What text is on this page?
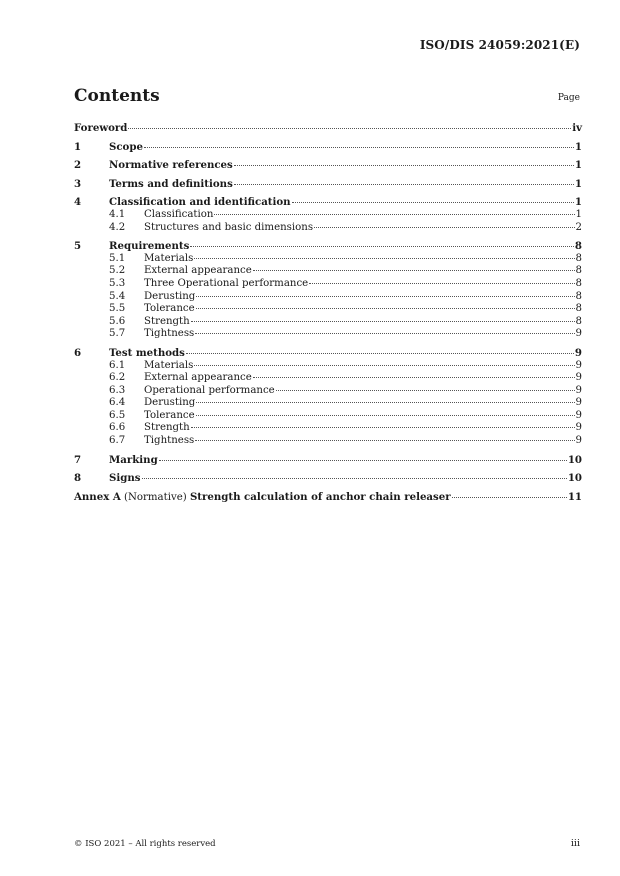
ISO/DIS 24059:2021(E)
Contents	Page
Foreword	iv
1	Scope	1
2	Normative references	1
3	Terms and definitions	1
4	Classification and identification	1
4.1	Classification	1
4.2	Structures and basic dimensions	2
5	Requirements	8
5.1	Materials	8
5.2	External appearance	8
5.3	Three Operational performance	8
5.4	Derusting	8
5.5	Tolerance	8
5.6	Strength	8
5.7	Tightness	9
6	Test methods	9
6.1	Materials	9
6.2	External appearance	9
6.3	Operational performance	9
6.4	Derusting	9
6.5	Tolerance	9
6.6	Strength	9
6.7	Tightness	9
7	Marking	10
8	Signs	10
Annex A (Normative) Strength calculation of anchor chain releaser	11
© ISO 2021 – All rights reserved	iii
